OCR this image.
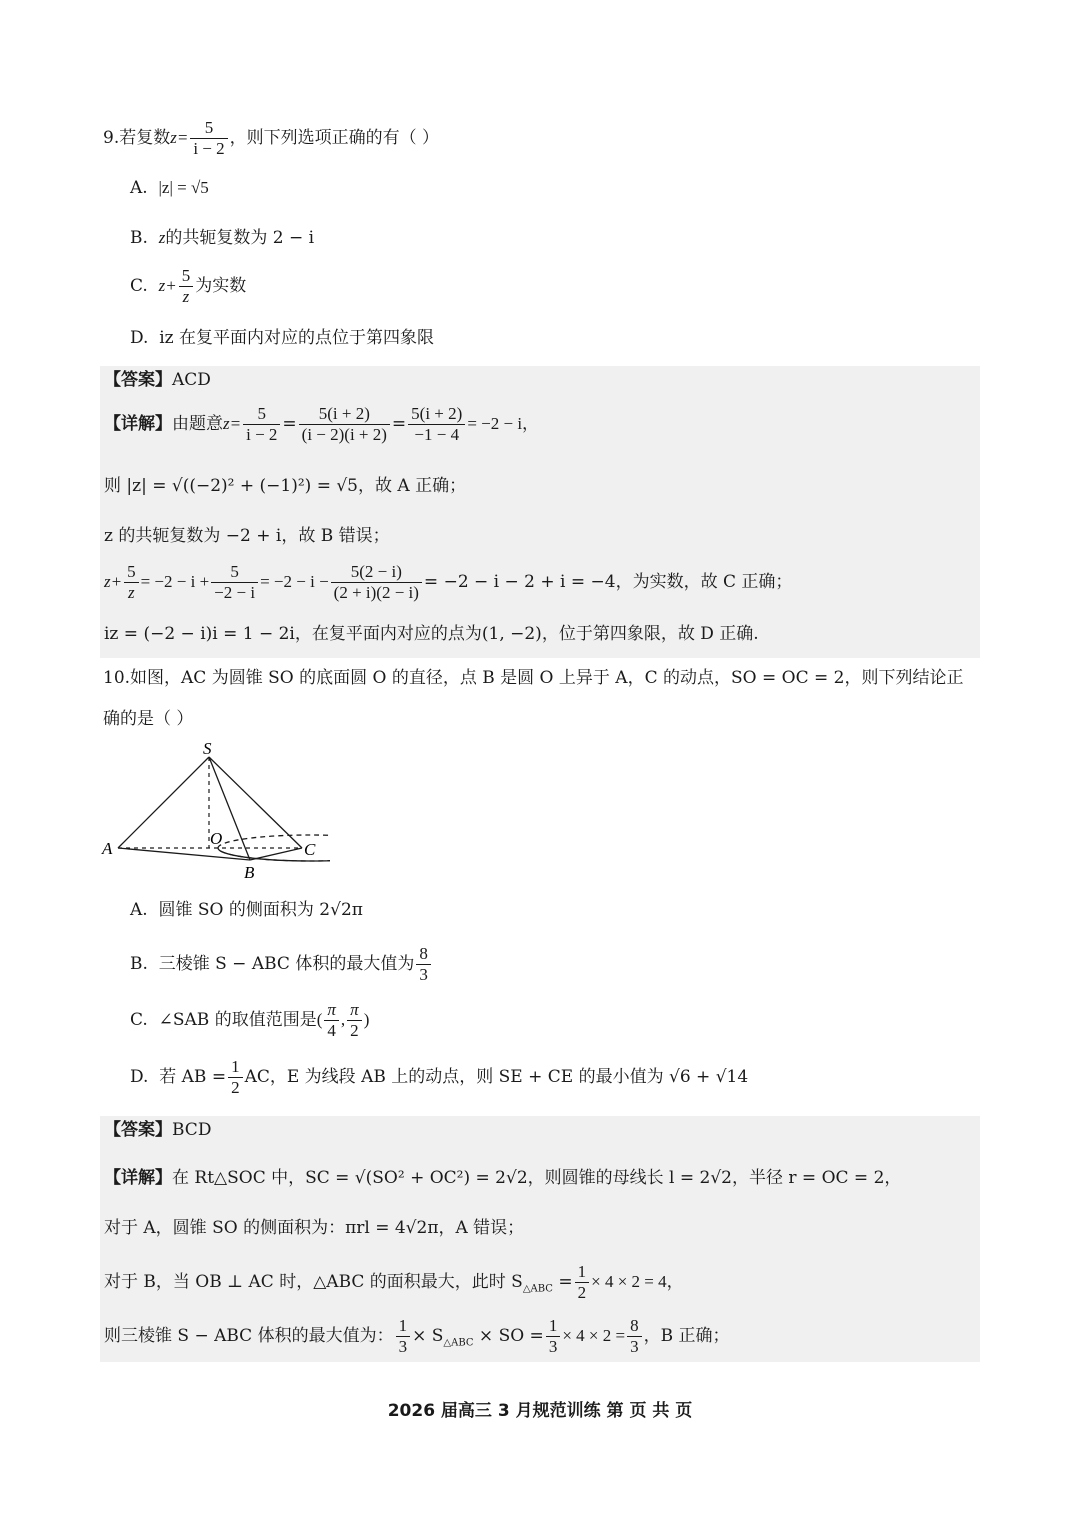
9.若复数$z= \frac{5}{i - 2}$ ，则下列选项正确的有（ ）
A. |z| = √5
B. z的共轭复数为 2 − i
C. $z+ \frac{5}{z}$ 为实数
D. iz 在复平面内对应的点位于第四象限
【答案】ACD
【详解】由题意$z= \frac{5}{i - 2} = \frac{5(i + 2)}{(i - 2)(i + 2)} = \frac{5(i + 2)}{-1 - 4} = -2 - i$，
则 |z| = √((−2)² + (−1)²) = √5，故 A 正确；
z 的共轭复数为 −2 + i，故 B 错误；
$z+ \frac{5}{z} = -2 - i + \frac{5}{-2 - i} = -2 - i - \frac{5(2 - i)}{(2 + i)(2 - i)} = -2 - i - 2 + i = -4$，为实数，故 C 正确；
iz = (−2 − i)i = 1 − 2i，在复平面内对应的点为(1, −2)，位于第四象限，故 D 正确.
10.如图，AC 为圆锥 SO 的底面圆 O 的直径，点 B 是圆 O 上异于 A，C 的动点，SO = OC = 2，则下列结论正
确的是（ ）
S
A
O
C
B
A. 圆锥 SO 的侧面积为 2√2π
B. 三棱锥 S − ABC 体积的最大值为 $\frac{8}{3}$
C. ∠SAB 的取值范围是( $\frac{\pi}{4}$ , $\frac{\pi}{2}$ )
D. 若 AB = $\frac{1}{2}$ AC，E 为线段 AB 上的动点，则 SE + CE 的最小值为 √6 + √14
【答案】BCD
【详解】在 Rt△SOC 中，SC = √(SO² + OC²) = 2√2，则圆锥的母线长 l = 2√2，半径 r = OC = 2，
对于 A，圆锥 SO 的侧面积为：πrl = 4√2π，A 错误；
对于 B，当 OB ⊥ AC 时，△ABC 的面积最大，此时 $S_{\triangle ABC} = \frac{1}{2} \times 4 \times 2 = 4$，
则三棱锥 S − ABC 体积的最大值为： $\frac{1}{3} \times S_{\triangle ABC}$ × SO = $\frac{1}{3} \times 4 \times 2 = \frac{8}{3}$ ，B 正确；
2026 届高三 3 月规范训练 第 页 共 页
